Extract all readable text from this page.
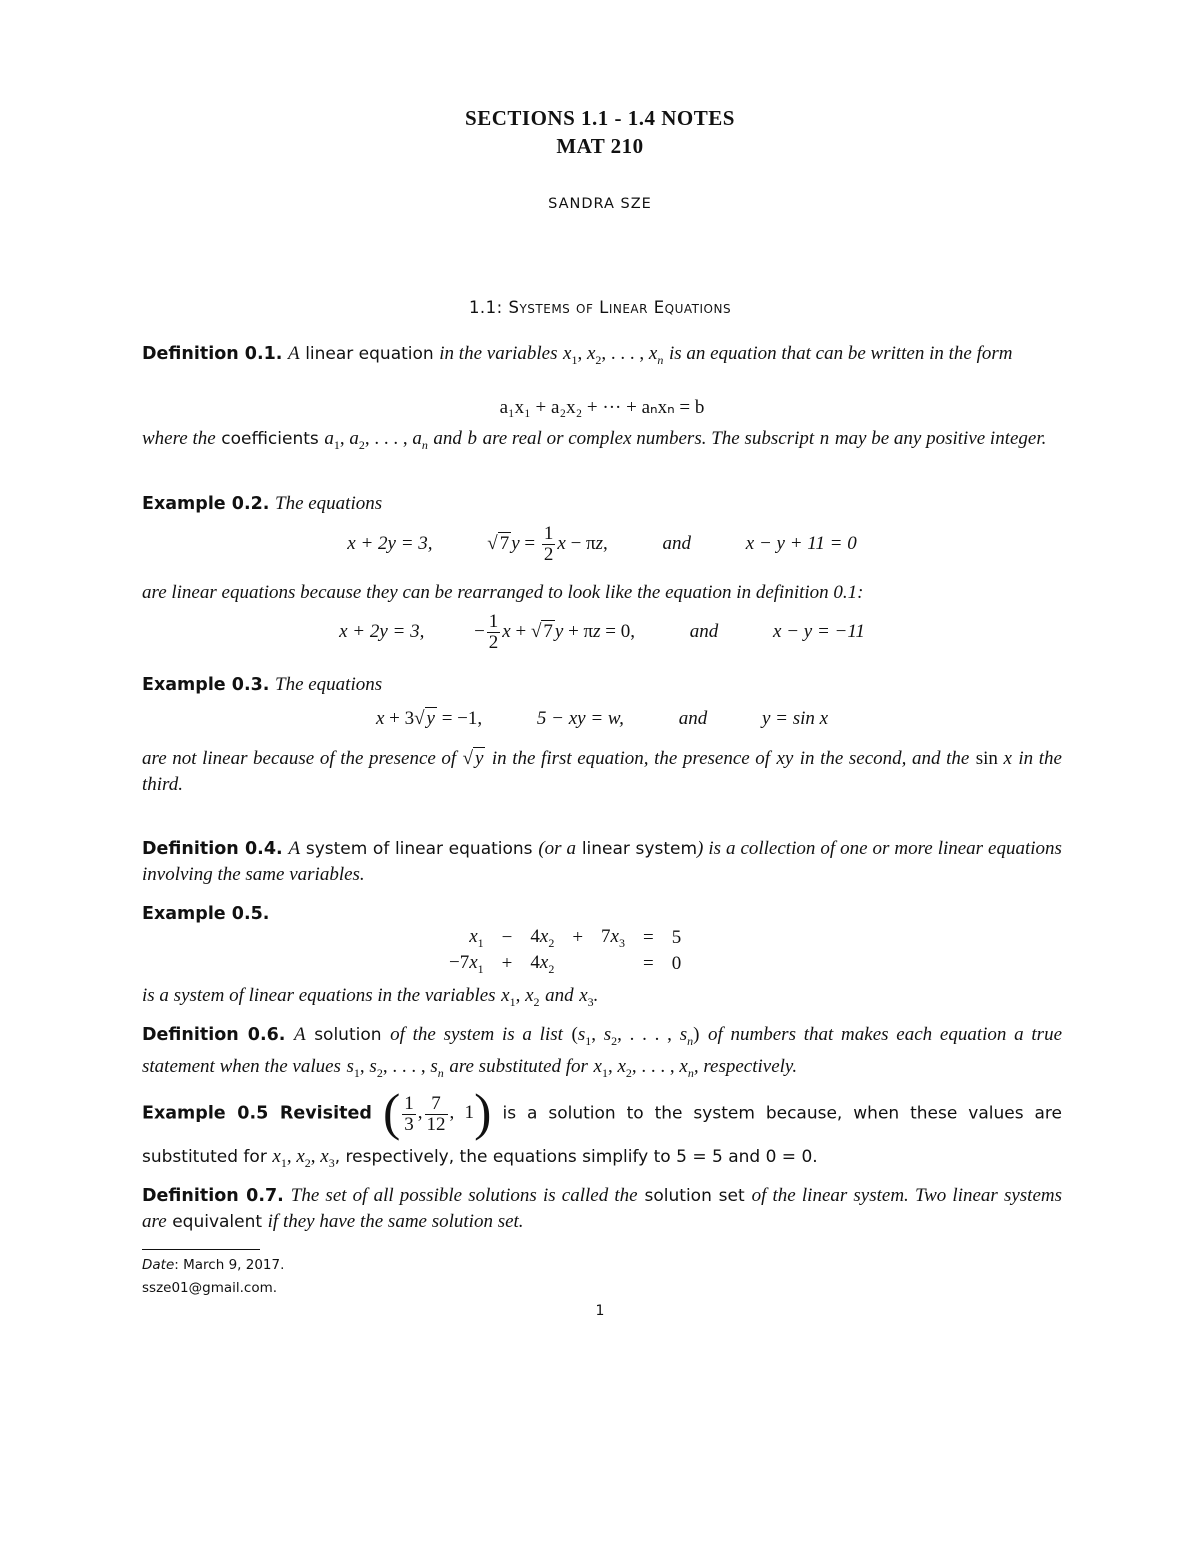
SECTIONS 1.1 - 1.4 NOTES
MAT 210
SANDRA SZE
1.1: Systems of Linear Equations
Definition 0.1. A linear equation in the variables $x_1$, $x_2$, . . . , $x_n$ is an equation that can be written in the form
a₁x₁ + a₂x₂ + ··· + aₙxₙ = b
where the coefficients $a_1$, $a_2$, . . . , $a_n$ and b are real or complex numbers. The subscript n may be any positive integer.
Example 0.2. The equations
x + 2y = 3,	√ 7 $y = \frac{1}{2}$ x − πz,	and	x − y + 11 = 0
are linear equations because they can be rearranged to look like the equation in definition 0.1:
x + 2y = 3, − $\frac{1}{2}$ x + √ 7 y + πz = 0,	and	x − y = −11
Example 0.3. The equations
x + 3√ y = −1,	5 − xy = w,	and	y = sin x
are not linear because of the presence of √ y in the first equation, the presence of xy in the second, and the sin x in the third.
Definition 0.4. A system of linear equations (or a linear system) is a collection of one or more linear equations involving the same variables.
Example 0.5.
$x_1$	−	$4x_2$	+	$7x_3$	=	5
$-7x_1$	+	$4x_2$			=	0
is a system of linear equations in the variables $x_1$, $x_2$ and $x_3$.
Definition 0.6. A solution of the system is a list ($s_1$, $s_2$, . . . , $s_n$) of numbers that makes each equation a true statement when the values $s_1$, $s_2$, . . . , $s_n$ are substituted for $x_1$, $x_2$, . . . , $x_n$, respectively.
Example 0.5 Revisited ( $\frac{1}{3}$ , $\frac{7}{12}$ , 1) is a solution to the system because, when these values are substituted for $x_1$, $x_2$, $x_3$, respectively, the equations simplify to 5 = 5 and 0 = 0.
Definition 0.7. The set of all possible solutions is called the solution set of the linear system. Two linear systems are equivalent if they have the same solution set.
Date: March 9, 2017.
ssze01@gmail.com.
1
